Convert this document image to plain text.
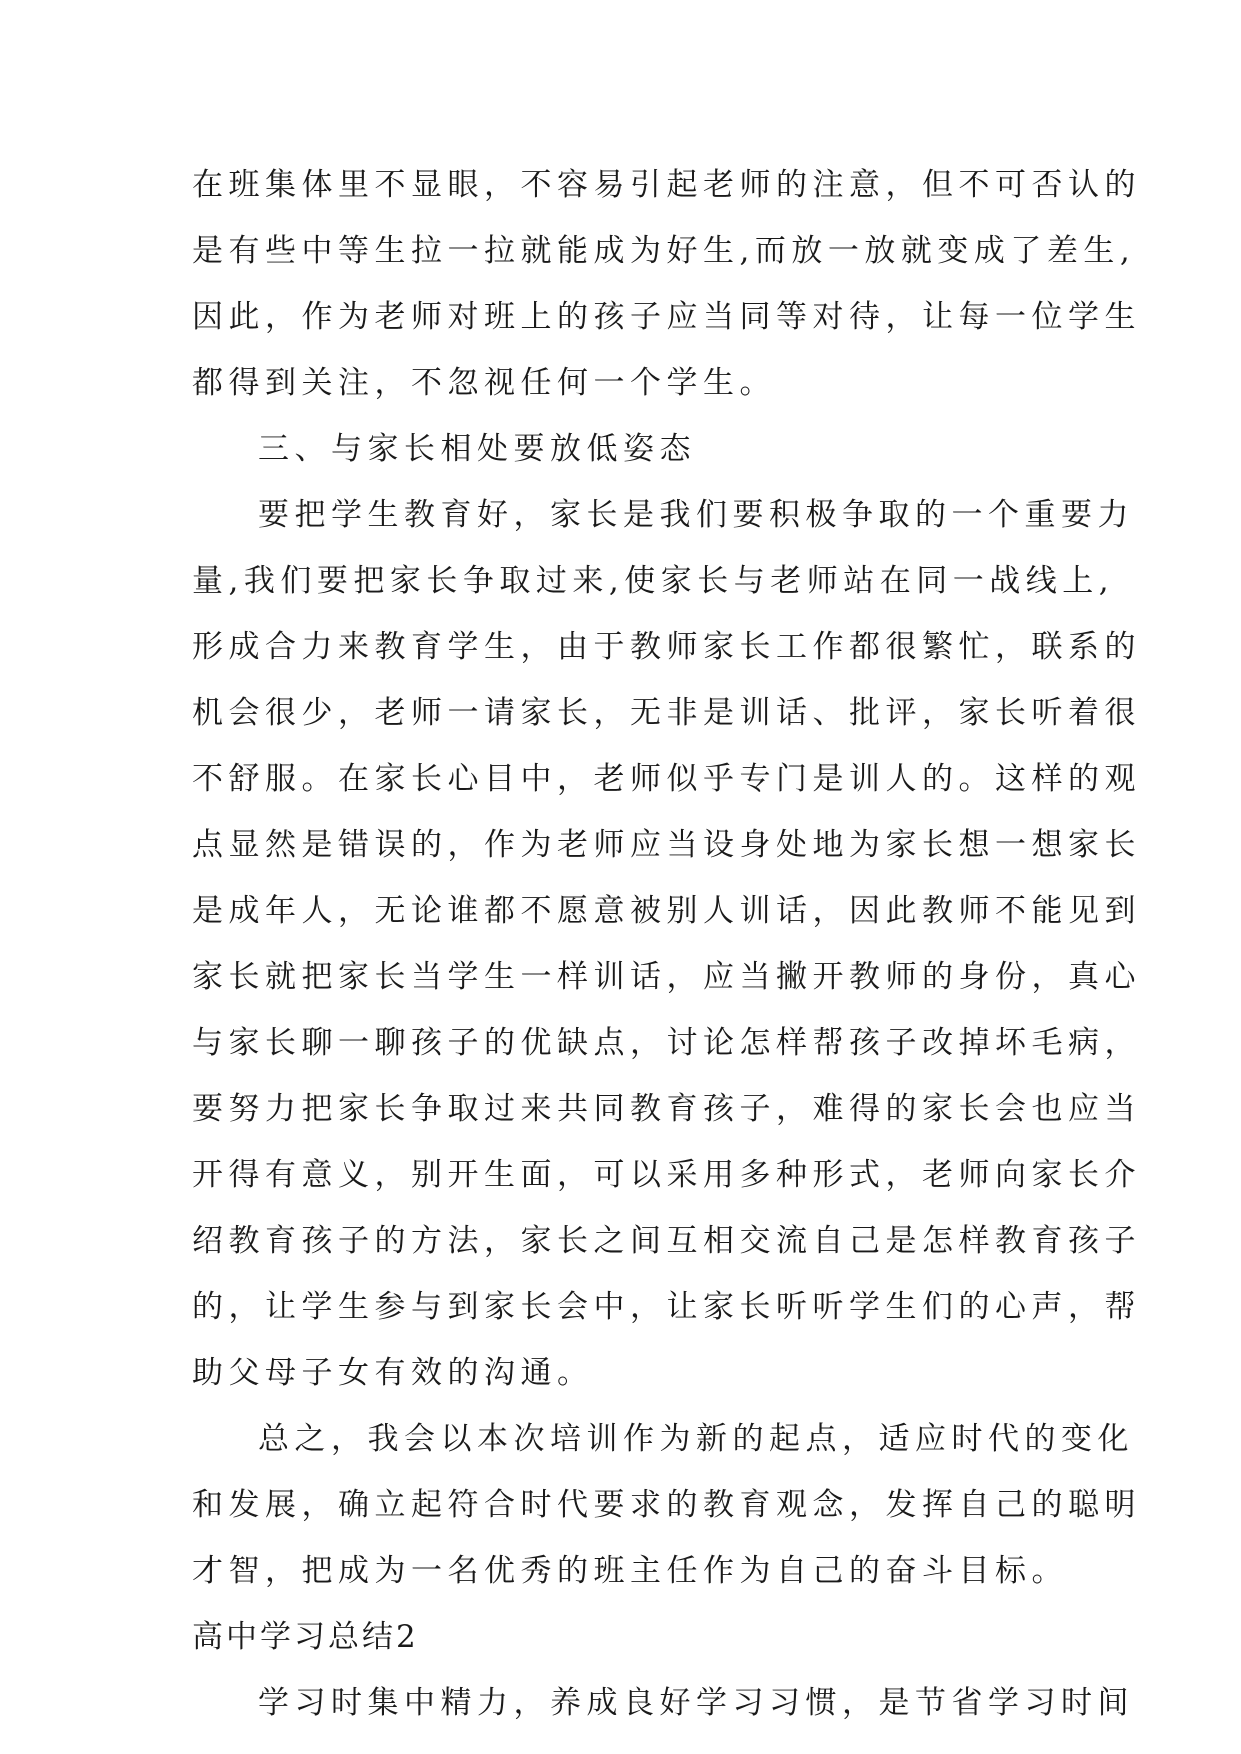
在班集体里不显眼，不容易引起老师的注意，但不可否认的
是有些中等生拉一拉就能成为好生,而放一放就变成了差生,
因此，作为老师对班上的孩子应当同等对待，让每一位学生
都得到关注，不忽视任何一个学生。
三、与家长相处要放低姿态
要把学生教育好，家长是我们要积极争取的一个重要力
量,我们要把家长争取过来,使家长与老师站在同一战线上,
形成合力来教育学生，由于教师家长工作都很繁忙，联系的
机会很少，老师一请家长，无非是训话、批评，家长听着很
不舒服。在家长心目中，老师似乎专门是训人的。这样的观
点显然是错误的，作为老师应当设身处地为家长想一想家长
是成年人，无论谁都不愿意被别人训话，因此教师不能见到
家长就把家长当学生一样训话，应当撇开教师的身份，真心
与家长聊一聊孩子的优缺点，讨论怎样帮孩子改掉坏毛病，
要努力把家长争取过来共同教育孩子，难得的家长会也应当
开得有意义，别开生面，可以采用多种形式，老师向家长介
绍教育孩子的方法，家长之间互相交流自己是怎样教育孩子
的，让学生参与到家长会中，让家长听听学生们的心声，帮
助父母子女有效的沟通。
总之，我会以本次培训作为新的起点，适应时代的变化
和发展，确立起符合时代要求的教育观念，发挥自己的聪明
才智，把成为一名优秀的班主任作为自己的奋斗目标。
高中学习总结2
学习时集中精力，养成良好学习习惯，是节省学习时间
